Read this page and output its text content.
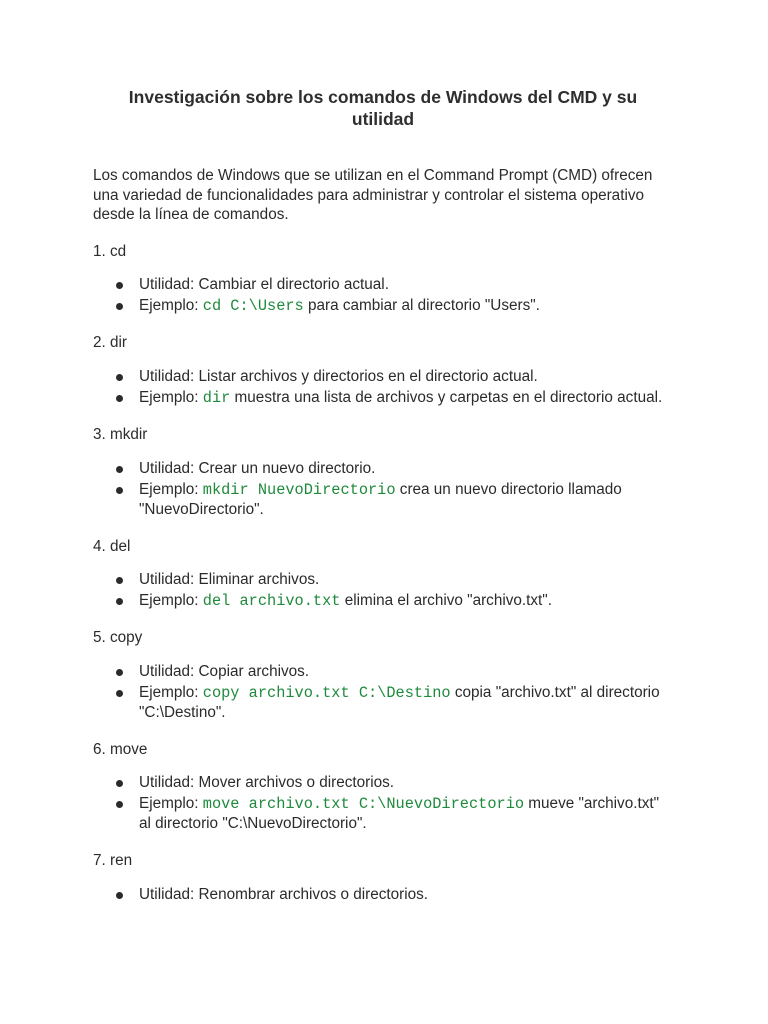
Investigación sobre los comandos de Windows del CMD y su utilidad

Los comandos de Windows que se utilizan en el Command Prompt (CMD) ofrecen una variedad de funcionalidades para administrar y controlar el sistema operativo desde la línea de comandos.

1. cd

Utilidad: Cambiar el directorio actual.
Ejemplo: cd C:\Users para cambiar al directorio "Users".

2. dir

Utilidad: Listar archivos y directorios en el directorio actual.
Ejemplo: dir muestra una lista de archivos y carpetas en el directorio actual.

3. mkdir

Utilidad: Crear un nuevo directorio.
Ejemplo: mkdir NuevoDirectorio crea un nuevo directorio llamado "NuevoDirectorio".

4. del

Utilidad: Eliminar archivos.
Ejemplo: del archivo.txt elimina el archivo "archivo.txt".

5. copy

Utilidad: Copiar archivos.
Ejemplo: copy archivo.txt C:\Destino copia "archivo.txt" al directorio "C:\Destino".

6. move

Utilidad: Mover archivos o directorios.
Ejemplo: move archivo.txt C:\NuevoDirectorio mueve "archivo.txt" al directorio "C:\NuevoDirectorio".

7. ren

Utilidad: Renombrar archivos o directorios.
